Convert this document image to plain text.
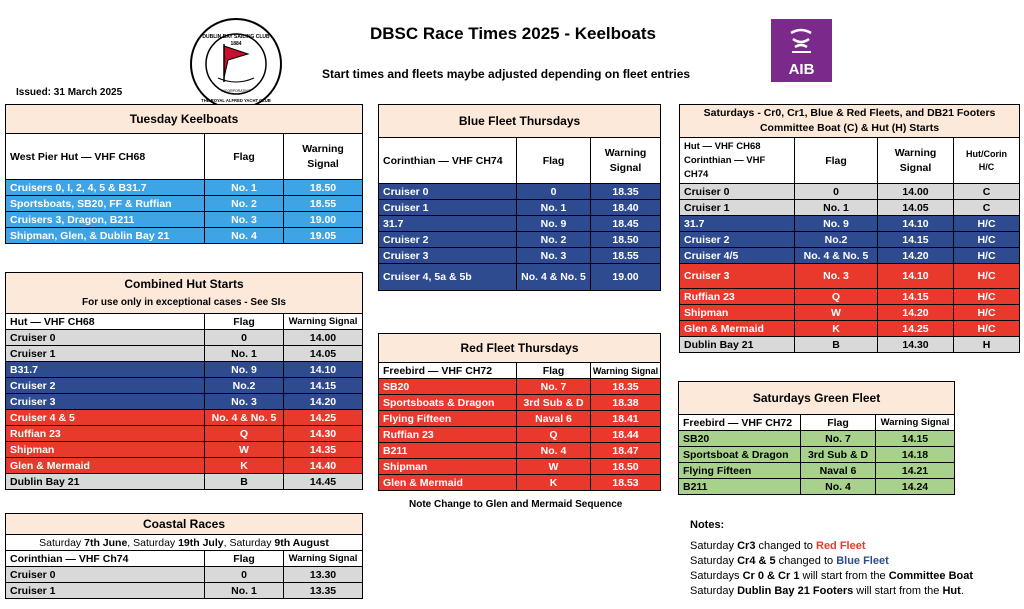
DBSC Race Times 2025 - Keelboats
Start times and fleets maybe adjusted depending on fleet entries
Issued: 31 March 2025
DUBLIN BAY SAILING CLUB
1884
INCORPORATING
THE ROYAL ALFRED YACHT CLUB
AIB
Tuesday Keelboats		
West Pier Hut — VHF CH68	Flag	Warning
Signal
Cruisers 0, I, 2, 4, 5 & B31.7	No. 1	18.50
Sportsboats, SB20, FF & Ruffian	No. 2	18.55
Cruisers 3, Dragon, B211	No. 3	19.00
Shipman, Glen, & Dublin Bay 21	No. 4	19.05
Combined Hut Starts
For use only in exceptional cases - See SIs		
Hut — VHF CH68	Flag	Warning Signal
Cruiser 0	0	14.00
Cruiser 1	No. 1	14.05
B31.7	No. 9	14.10
Cruiser 2	No.2	14.15
Cruiser 3	No. 3	14.20
Cruiser 4 & 5	No. 4 & No. 5	14.25
Ruffian 23	Q	14.30
Shipman	W	14.35
Glen & Mermaid	K	14.40
Dublin Bay 21	B	14.45
Coastal Races		
Saturday 7th June, Saturday 19th July, Saturday 9th August		
Corinthian — VHF Ch74	Flag	Warning Signal
Cruiser 0	0	13.30
Cruiser 1	No. 1	13.35
Blue Fleet Thursdays		
Corinthian — VHF CH74	Flag	Warning
Signal
Cruiser 0	0	18.35
Cruiser 1	No. 1	18.40
31.7	No. 9	18.45
Cruiser 2	No. 2	18.50
Cruiser 3	No. 3	18.55
Cruiser 4, 5a & 5b	No. 4 & No. 5	19.00
Red Fleet Thursdays		
Freebird — VHF CH72	Flag	Warning Signal
SB20	No. 7	18.35
Sportsboats & Dragon	3rd Sub & D	18.38
Flying Fifteen	Naval 6	18.41
Ruffian 23	Q	18.44
B211	No. 4	18.47
Shipman	W	18.50
Glen & Mermaid	K	18.53
Note Change to Glen and Mermaid Sequence
Saturdays - Cr0, Cr1, Blue & Red Fleets, and DB21 Footers
Committee Boat (C) & Hut (H) Starts			
Hut — VHF CH68
Corinthian — VHF CH74	Flag	Warning
Signal	Hut/Corin
H/C
Cruiser 0	0	14.00	C
Cruiser 1	No. 1	14.05	C
31.7	No. 9	14.10	H/C
Cruiser 2	No.2	14.15	H/C
Cruiser 4/5	No. 4 & No. 5	14.20	H/C
Cruiser 3	No. 3	14.10	H/C
Ruffian 23	Q	14.15	H/C
Shipman	W	14.20	H/C
Glen & Mermaid	K	14.25	H/C
Dublin Bay 21	B	14.30	H
Saturdays Green Fleet		
Freebird — VHF CH72	Flag	Warning Signal
SB20	No. 7	14.15
Sportsboat & Dragon	3rd Sub & D	14.18
Flying Fifteen	Naval 6	14.21
B211	No. 4	14.24
Notes:
Saturday Cr3 changed to Red Fleet
Saturday Cr4 & 5 changed to Blue Fleet
Saturdays Cr 0 & Cr 1 will start from the Committee Boat
Saturday Dublin Bay 21 Footers will start from the Hut.
